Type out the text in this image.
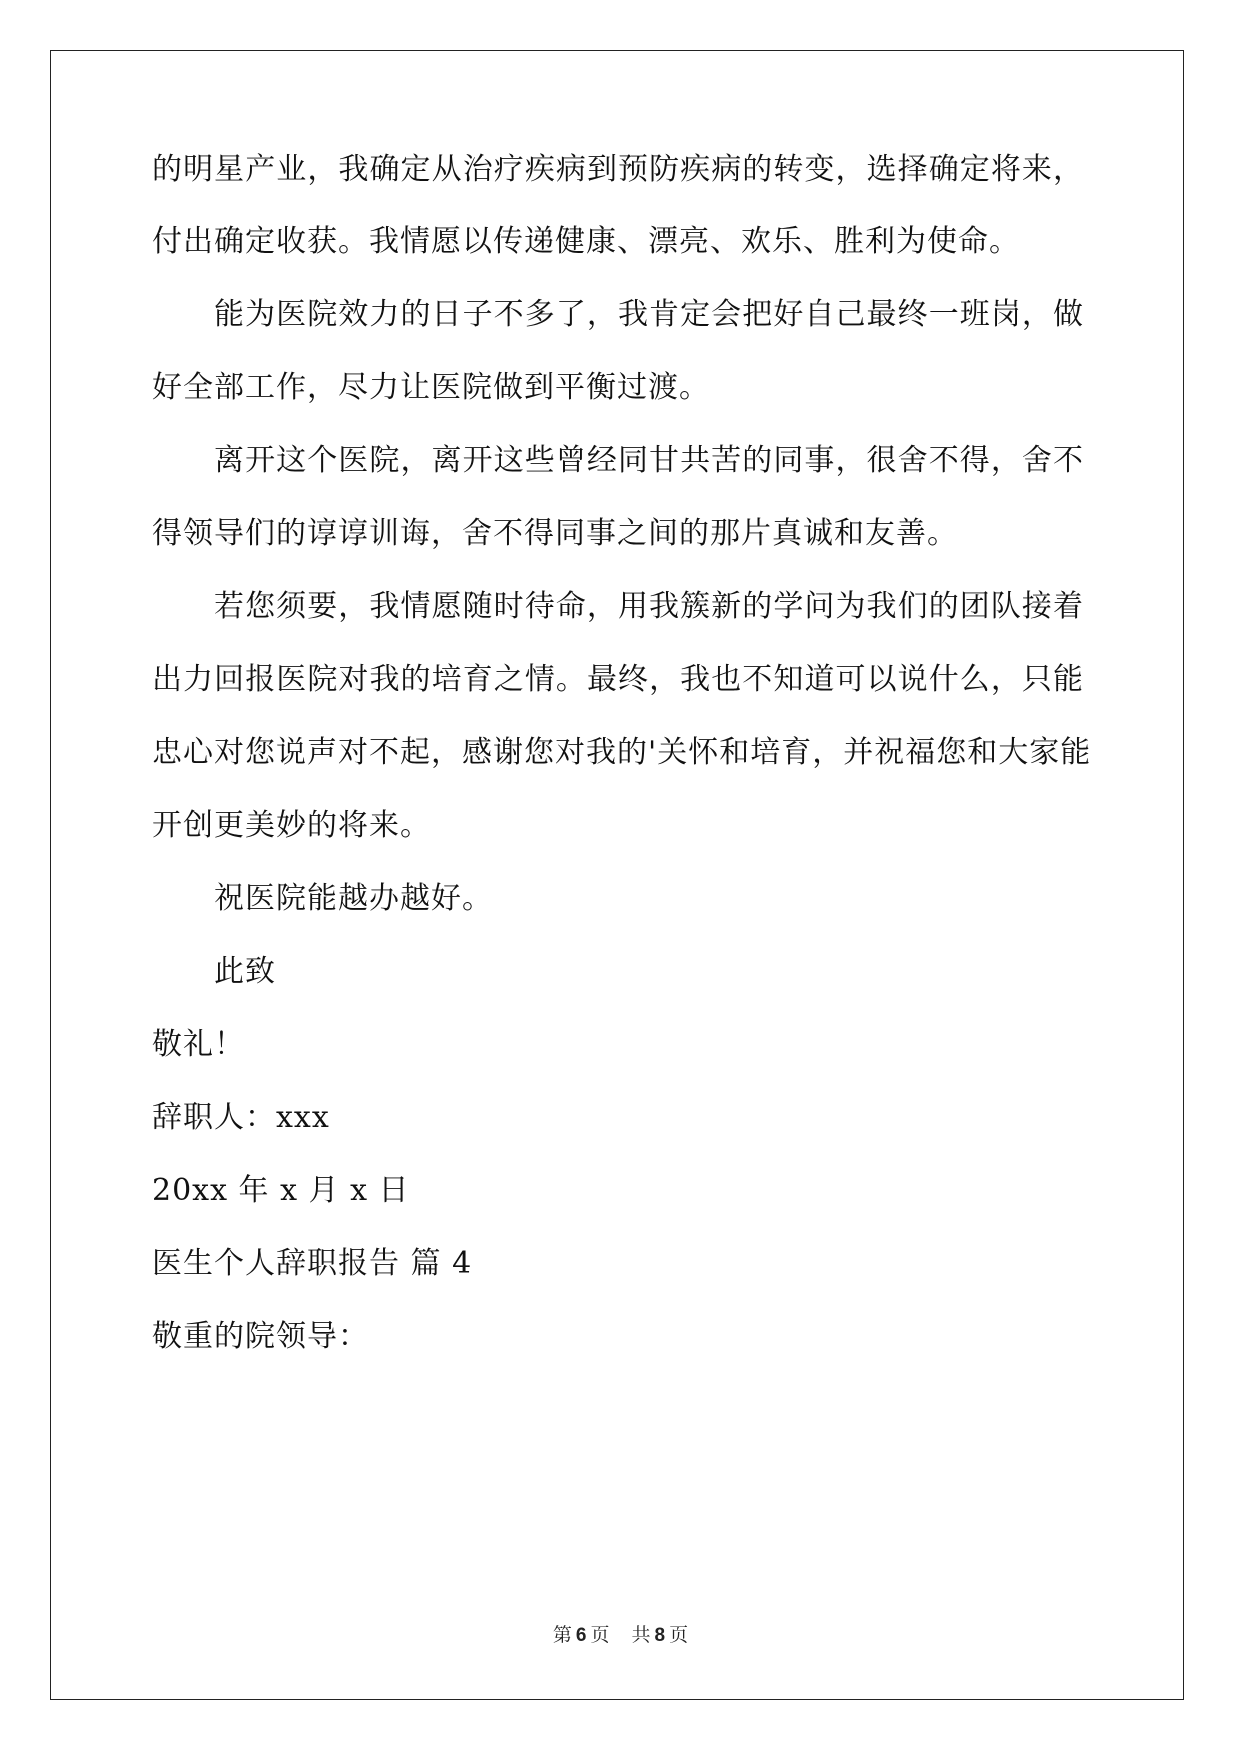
的明星产业，我确定从治疗疾病到预防疾病的转变，选择确定将来，
付出确定收获。我情愿以传递健康、漂亮、欢乐、胜利为使命。
能为医院效力的日子不多了，我肯定会把好自己最终一班岗，做
好全部工作，尽力让医院做到平衡过渡。
离开这个医院，离开这些曾经同甘共苦的同事，很舍不得，舍不
得领导们的谆谆训诲，舍不得同事之间的那片真诚和友善。
若您须要，我情愿随时待命，用我簇新的学问为我们的团队接着
出力回报医院对我的培育之情。最终，我也不知道可以说什么，只能
忠心对您说声对不起，感谢您对我的'关怀和培育，并祝福您和大家能
开创更美妙的将来。
祝医院能越办越好。
此致
敬礼！
辞职人：xxx
20xx 年 x 月 x 日
医生个人辞职报告 篇 4
敬重的院领导：
第 6 页 共 8 页
